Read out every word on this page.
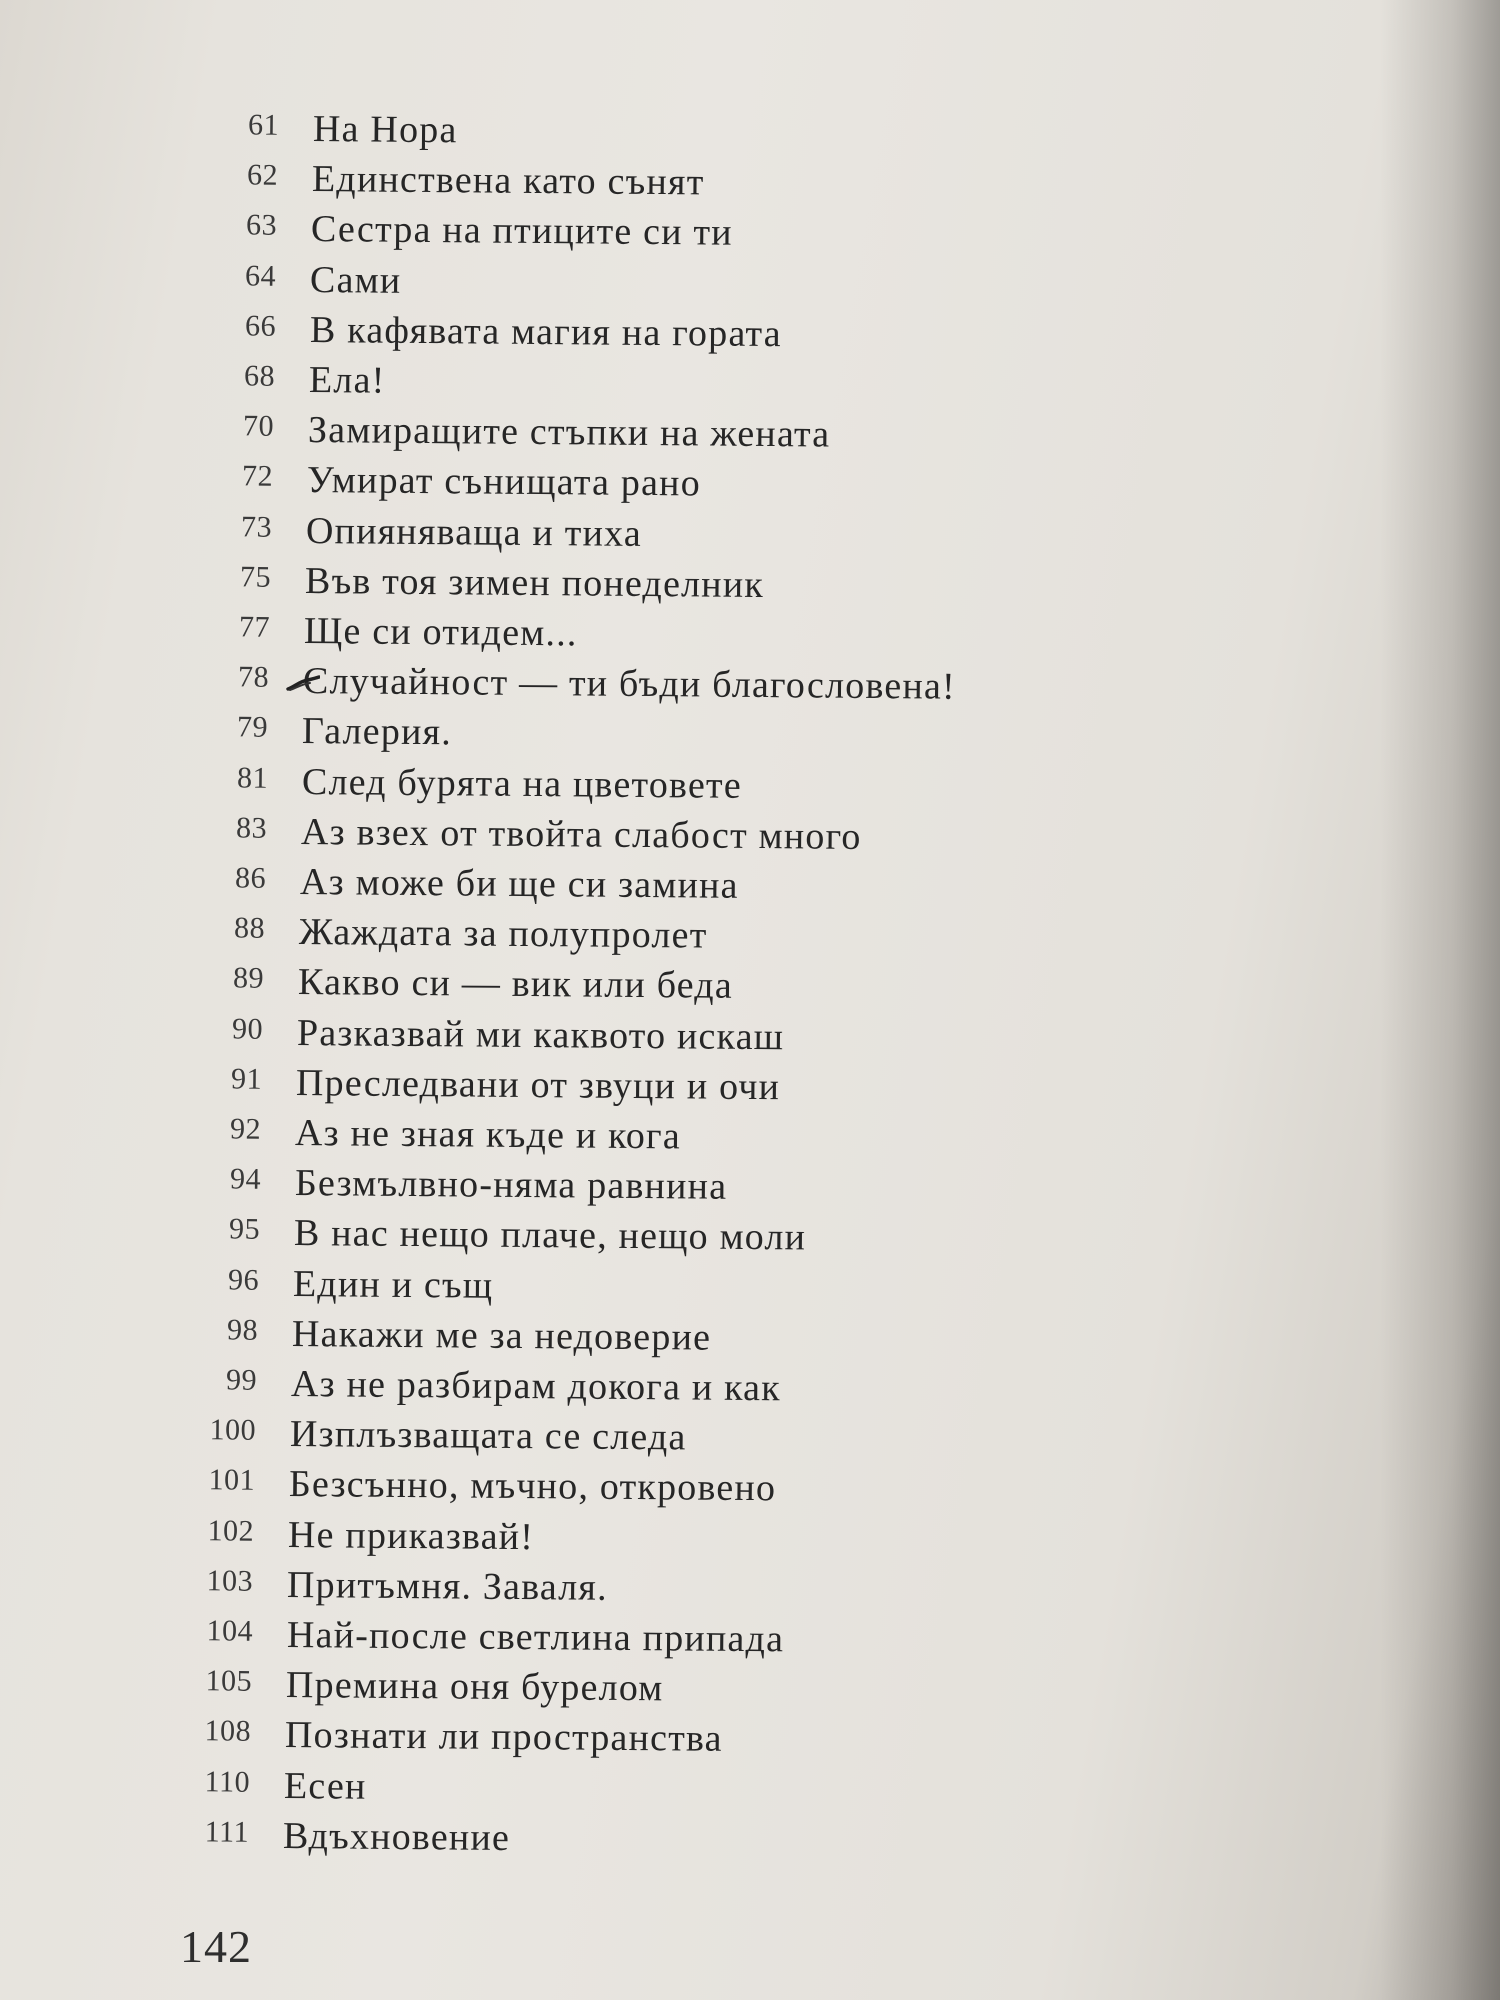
61 На Нора
62 Единствена като сънят
63 Сестра на птиците си ти
64 Сами
66 В кафявата магия на гората
68 Ела!
70 Замиращите стъпки на жената
72 Умират сънищата рано
73 Опияняваща и тиха
75 Във тоя зимен понеделник
77 Ще си отидем...
78 Случайност — ти бъди благословена!
79 Галерия.
81 След бурята на цветовете
83 Аз взех от твойта слабост много
86 Аз може би ще си замина
88 Жаждата за полупролет
89 Какво си — вик или беда
90 Разказвай ми каквото искаш
91 Преследвани от звуци и очи
92 Аз не зная къде и кога
94 Безмълвно-няма равнина
95 В нас нещо плаче, нещо моли
96 Един и същ
98 Накажи ме за недоверие
99 Аз не разбирам докога и как
100 Изплъзващата се следа
101 Безсънно, мъчно, откровено
102 Не приказвай!
103 Притъмня. Заваля.
104 Най-после светлина припада
105 Премина оня бурелом
108 Познати ли пространства
110 Есен
111 Вдъхновение
142
